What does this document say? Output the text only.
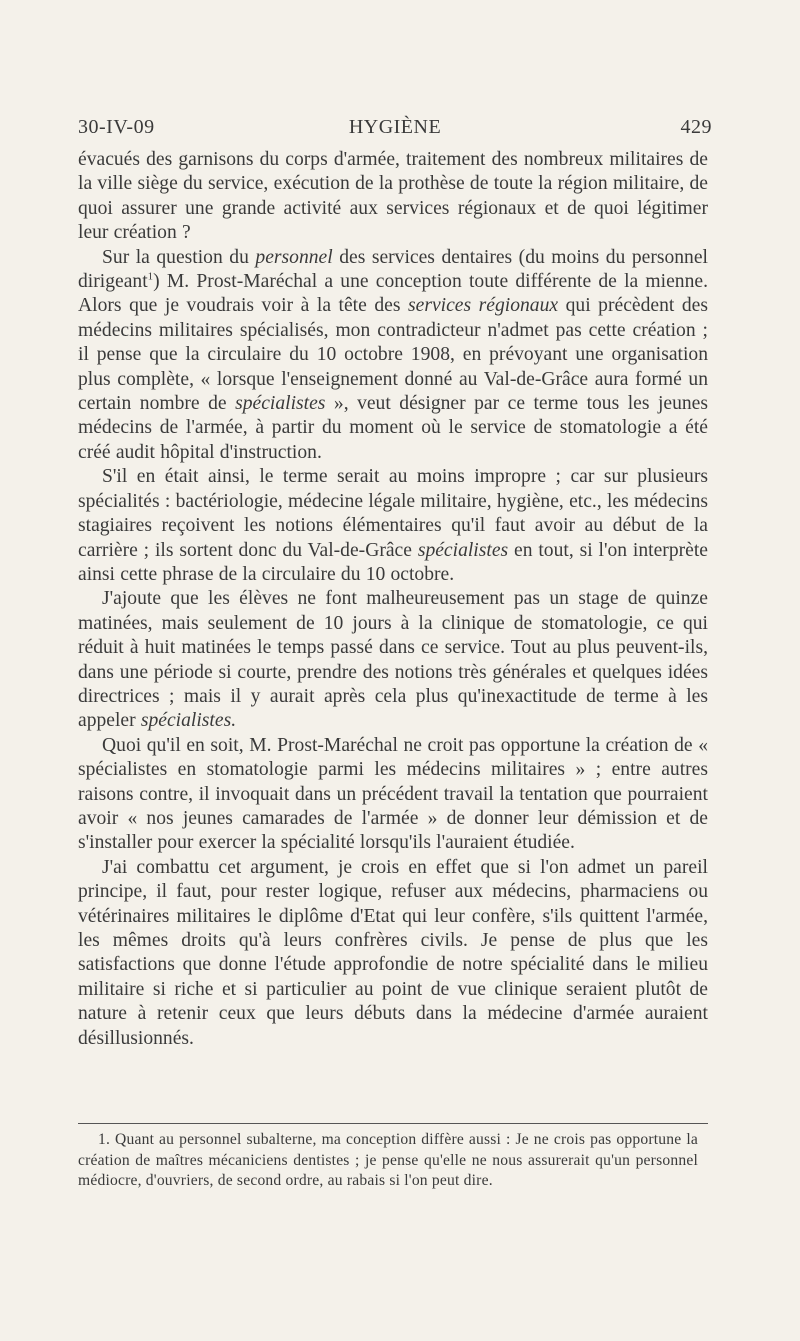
30-IV-09	HYGIÈNE	429

évacués des garnisons du corps d'armée, traitement des nombreux militaires de la ville siège du service, exécution de la prothèse de toute la région militaire, de quoi assurer une grande activité aux services régionaux et de quoi légitimer leur création ?

Sur la question du personnel des services dentaires (du moins du personnel dirigeant$^1$) M. Prost-Maréchal a une conception toute différente de la mienne. Alors que je voudrais voir à la tête des services régionaux qui précèdent des médecins militaires spécialisés, mon contradicteur n'admet pas cette création ; il pense que la circulaire du 10 octobre 1908, en prévoyant une organisation plus complète, « lorsque l'enseignement donné au Val-de-Grâce aura formé un certain nombre de spécialistes », veut désigner par ce terme tous les jeunes médecins de l'armée, à partir du moment où le service de stomatologie a été créé audit hôpital d'instruction.

S'il en était ainsi, le terme serait au moins impropre ; car sur plusieurs spécialités : bactériologie, médecine légale militaire, hygiène, etc., les médecins stagiaires reçoivent les notions élémentaires qu'il faut avoir au début de la carrière ; ils sortent donc du Val-de-Grâce spécialistes en tout, si l'on interprète ainsi cette phrase de la circulaire du 10 octobre.

J'ajoute que les élèves ne font malheureusement pas un stage de quinze matinées, mais seulement de 10 jours à la clinique de stomatologie, ce qui réduit à huit matinées le temps passé dans ce service. Tout au plus peuvent-ils, dans une période si courte, prendre des notions très générales et quelques idées directrices ; mais il y aurait après cela plus qu'inexactitude de terme à les appeler spécialistes.

Quoi qu'il en soit, M. Prost-Maréchal ne croit pas opportune la création de « spécialistes en stomatologie parmi les médecins militaires » ; entre autres raisons contre, il invoquait dans un précédent travail la tentation que pourraient avoir « nos jeunes camarades de l'armée » de donner leur démission et de s'installer pour exercer la spécialité lorsqu'ils l'auraient étudiée.

J'ai combattu cet argument, je crois en effet que si l'on admet un pareil principe, il faut, pour rester logique, refuser aux médecins, pharmaciens ou vétérinaires militaires le diplôme d'Etat qui leur confère, s'ils quittent l'armée, les mêmes droits qu'à leurs confrères civils. Je pense de plus que les satisfactions que donne l'étude approfondie de notre spécialité dans le milieu militaire si riche et si particulier au point de vue clinique seraient plutôt de nature à retenir ceux que leurs débuts dans la médecine d'armée auraient désillusionnés.

1. Quant au personnel subalterne, ma conception diffère aussi : Je ne crois pas opportune la création de maîtres mécaniciens dentistes ; je pense qu'elle ne nous assurerait qu'un personnel médiocre, d'ouvriers, de second ordre, au rabais si l'on peut dire.
